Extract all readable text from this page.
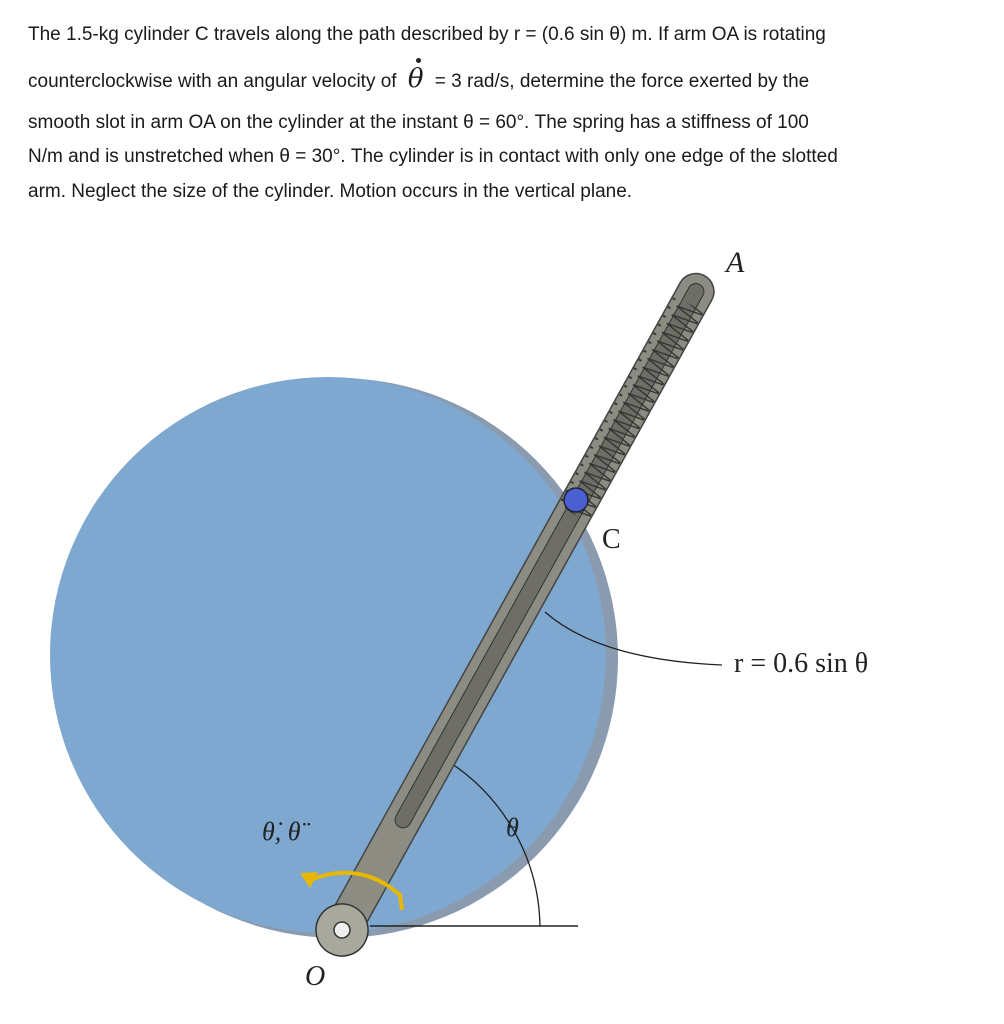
The 1.5-kg cylinder C travels along the path described by r = (0.6 sin θ) m. If arm OA is rotating
counterclockwise with an angular velocity of θ = 3 rad/s, determine the force exerted by the
smooth slot in arm OA on the cylinder at the instant θ = 60°. The spring has a stiffness of 100
N/m and is unstretched when θ = 30°. The cylinder is in contact with only one edge of the slotted
arm. Neglect the size of the cylinder. Motion occurs in the vertical plane.
A
C
r = 0.6 sin θ
θ
θ̇, θ̈
O
